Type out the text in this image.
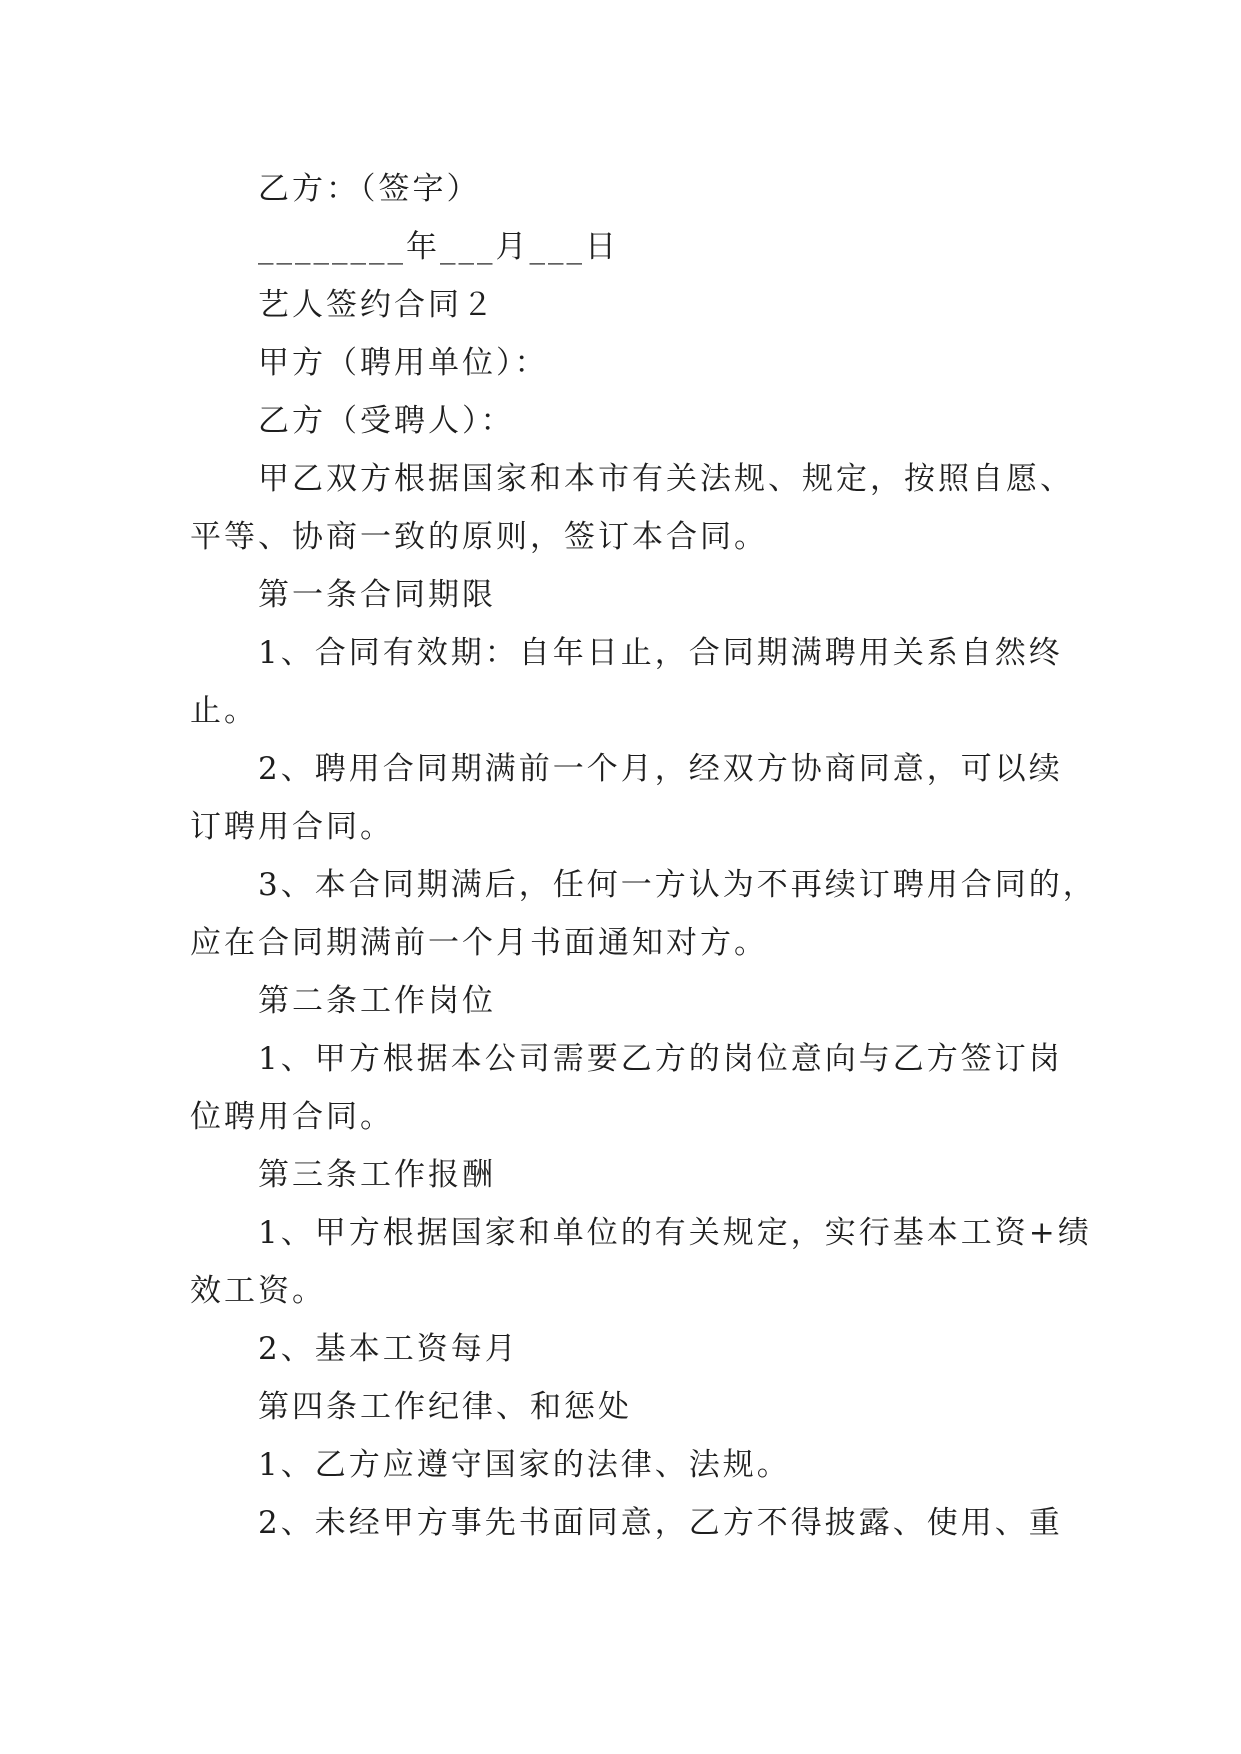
乙方：（签字）

________年___月___日

艺人签约合同２

甲方（聘用单位）：

乙方（受聘人）：

甲乙双方根据国家和本市有关法规、规定，按照自愿、

平等、协商一致的原则，签订本合同。

第一条合同期限

1、合同有效期：自年日止，合同期满聘用关系自然终

止。

2、聘用合同期满前一个月，经双方协商同意，可以续

订聘用合同。

3、本合同期满后，任何一方认为不再续订聘用合同的，

应在合同期满前一个月书面通知对方。

第二条工作岗位

1、甲方根据本公司需要乙方的岗位意向与乙方签订岗

位聘用合同。

第三条工作报酬

1、甲方根据国家和单位的有关规定，实行基本工资+绩

效工资。

2、基本工资每月

第四条工作纪律、和惩处

1、乙方应遵守国家的法律、法规。

2、未经甲方事先书面同意，乙方不得披露、使用、重
